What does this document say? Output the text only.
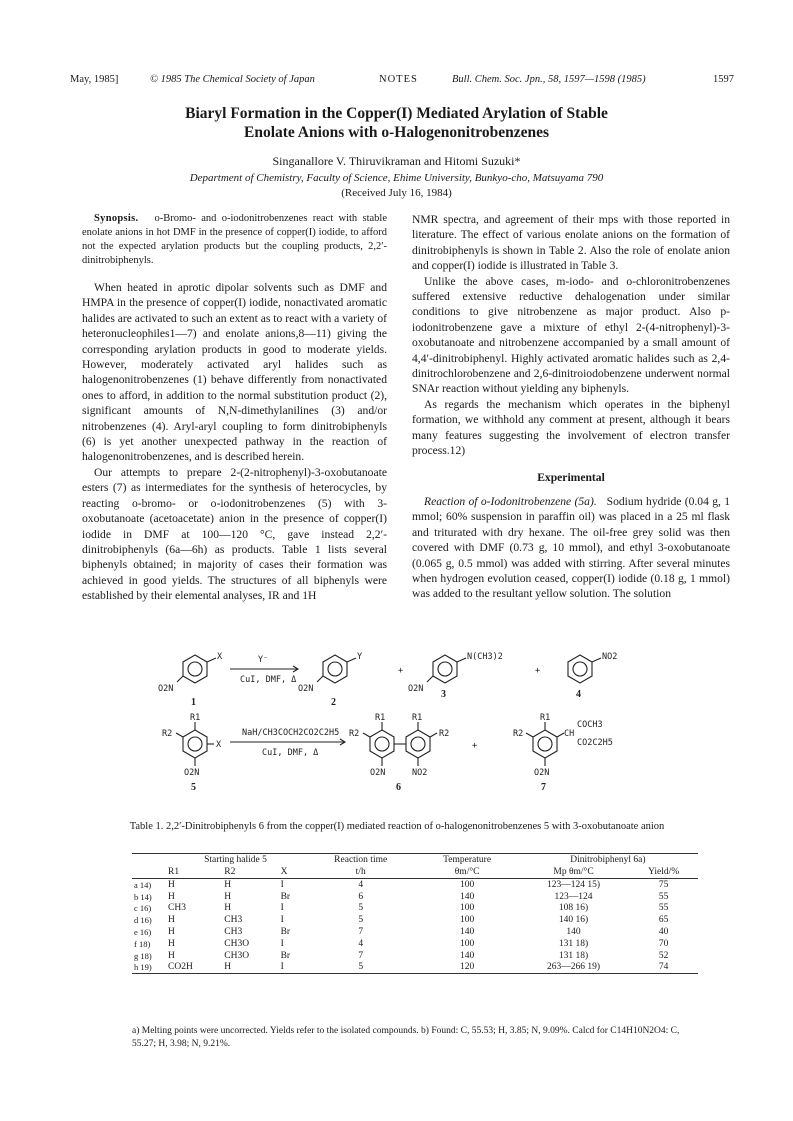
May, 1985]	© 1985 The Chemical Society of Japan	NOTES	Bull. Chem. Soc. Jpn., 58, 1597—1598 (1985)	1597
Biaryl Formation in the Copper(I) Mediated Arylation of Stable
Enolate Anions with o-Halogenonitrobenzenes
Singanallore V. Thiruvikraman and Hitomi Suzuki*
Department of Chemistry, Faculty of Science, Ehime University, Bunkyo-cho, Matsuyama 790
(Received July 16, 1984)

Synopsis. o-Bromo- and o-iodonitrobenzenes react with stable enolate anions in hot DMF in the presence of copper(I) iodide, to afford not the expected arylation products but the coupling products, 2,2′-dinitrobiphenyls.

When heated in aprotic dipolar solvents such as DMF and HMPA in the presence of copper(I) iodide, nonactivated aromatic halides are activated to such an extent as to react with a variety of heteronucleophiles1—7) and enolate anions,8—11) giving the corresponding arylation products in good to moderate yields. However, moderately activated aryl halides such as halogenonitrobenzenes (1) behave differently from nonactivated ones to afford, in addition to the normal substitution product (2), significant amounts of N,N-dimethylanilines (3) and/or nitrobenzenes (4). Aryl-aryl coupling to form dinitrobiphenyls (6) is yet another unexpected pathway in the reaction of halogenonitrobenzenes, and is described herein.

Our attempts to prepare 2-(2-nitrophenyl)-3-oxobutanoate esters (7) as intermediates for the synthesis of heterocycles, by reacting o-bromo- or o-iodonitrobenzenes (5) with 3-oxobutanoate (acetoacetate) anion in the presence of copper(I) iodide in DMF at 100—120 °C, gave instead 2,2′-dinitrobiphenyls (6a—6h) as products. Table 1 lists several biphenyls obtained; in majority of cases their formation was achieved in good yields. The structures of all biphenyls were established by their elemental analyses, IR and 1H

NMR spectra, and agreement of their mps with those reported in literature. The effect of various enolate anions on the formation of dinitrobiphenyls is shown in Table 2. Also the role of enolate anion and copper(I) iodide is illustrated in Table 3.

Unlike the above cases, m-iodo- and o-chloronitrobenzenes suffered extensive reductive dehalogenation under similar conditions to give nitrobenzene as major product. Also p-iodonitrobenzene gave a mixture of ethyl 2-(4-nitrophenyl)-3-oxobutanoate and nitrobenzene accompanied by a small amount of 4,4′-dinitrobiphenyl. Highly activated aromatic halides such as 2,4-dinitrochlorobenzene and 2,6-dinitroiodobenzene underwent normal SNAr reaction without yielding any biphenyls.

As regards the mechanism which operates in the biphenyl formation, we withhold any comment at present, although it bears many features suggesting the involvement of electron transfer process.12)

Experimental

Reaction of o-Iodonitrobenzene (5a). Sodium hydride (0.04 g, 1 mmol; 60% suspension in paraffin oil) was placed in a 25 ml flask and triturated with dry hexane. The oil-free grey solid was then covered with DMF (0.73 g, 10 mmol), and ethyl 3-oxobutanoate (0.065 g, 0.5 mmol) was added with stirring. After several minutes when hydrogen evolution ceased, copper(I) iodide (0.18 g, 1 mmol) was added to the resultant yellow solution. The solution

X
O2N
Y⁻
CuI, DMF, Δ
Y
O2N
+
N(CH3)2
O2N
+
NO2
1	2
3	4
R1
R2
X
O2N
NaH/CH3COCH2CO2C2H5
CuI, DMF, Δ
R1	R1
R2	R2
O2N	NO2
+
R1
R2	CH
COCH3
CO2C2H5
O2N
5	6	7
Table 1. 2,2′-Dinitrobiphenyls 6 from the copper(I) mediated reaction of o-halogenonitrobenzenes 5 with 3-oxobutanoate anion
	Starting halide 5			Reaction time	Temperature	Dinitrobiphenyl 6a)	
	R1	R2	X	t/h	θm/°C	Mp θm/°C	Yield/%
a 14)	H	H	I	4	100	123—124 15)	75
b 14)	H	H	Br	6	140	123—124	55
c 16)	CH3	H	I	5	100	108 16)	55
d 16)	H	CH3	I	5	100	140 16)	65
e 16)	H	CH3	Br	7	140	140	40
f 18)	H	CH3O	I	4	100	131 18)	70
g 18)	H	CH3O	Br	7	140	131 18)	52
h 19)	CO2H	H	I	5	120	263—266 19)	74
a) Melting points were uncorrected. Yields refer to the isolated compounds. b) Found: C, 55.53; H, 3.85; N, 9.09%. Calcd for C14H10N2O4: C, 55.27; H, 3.98; N, 9.21%.
